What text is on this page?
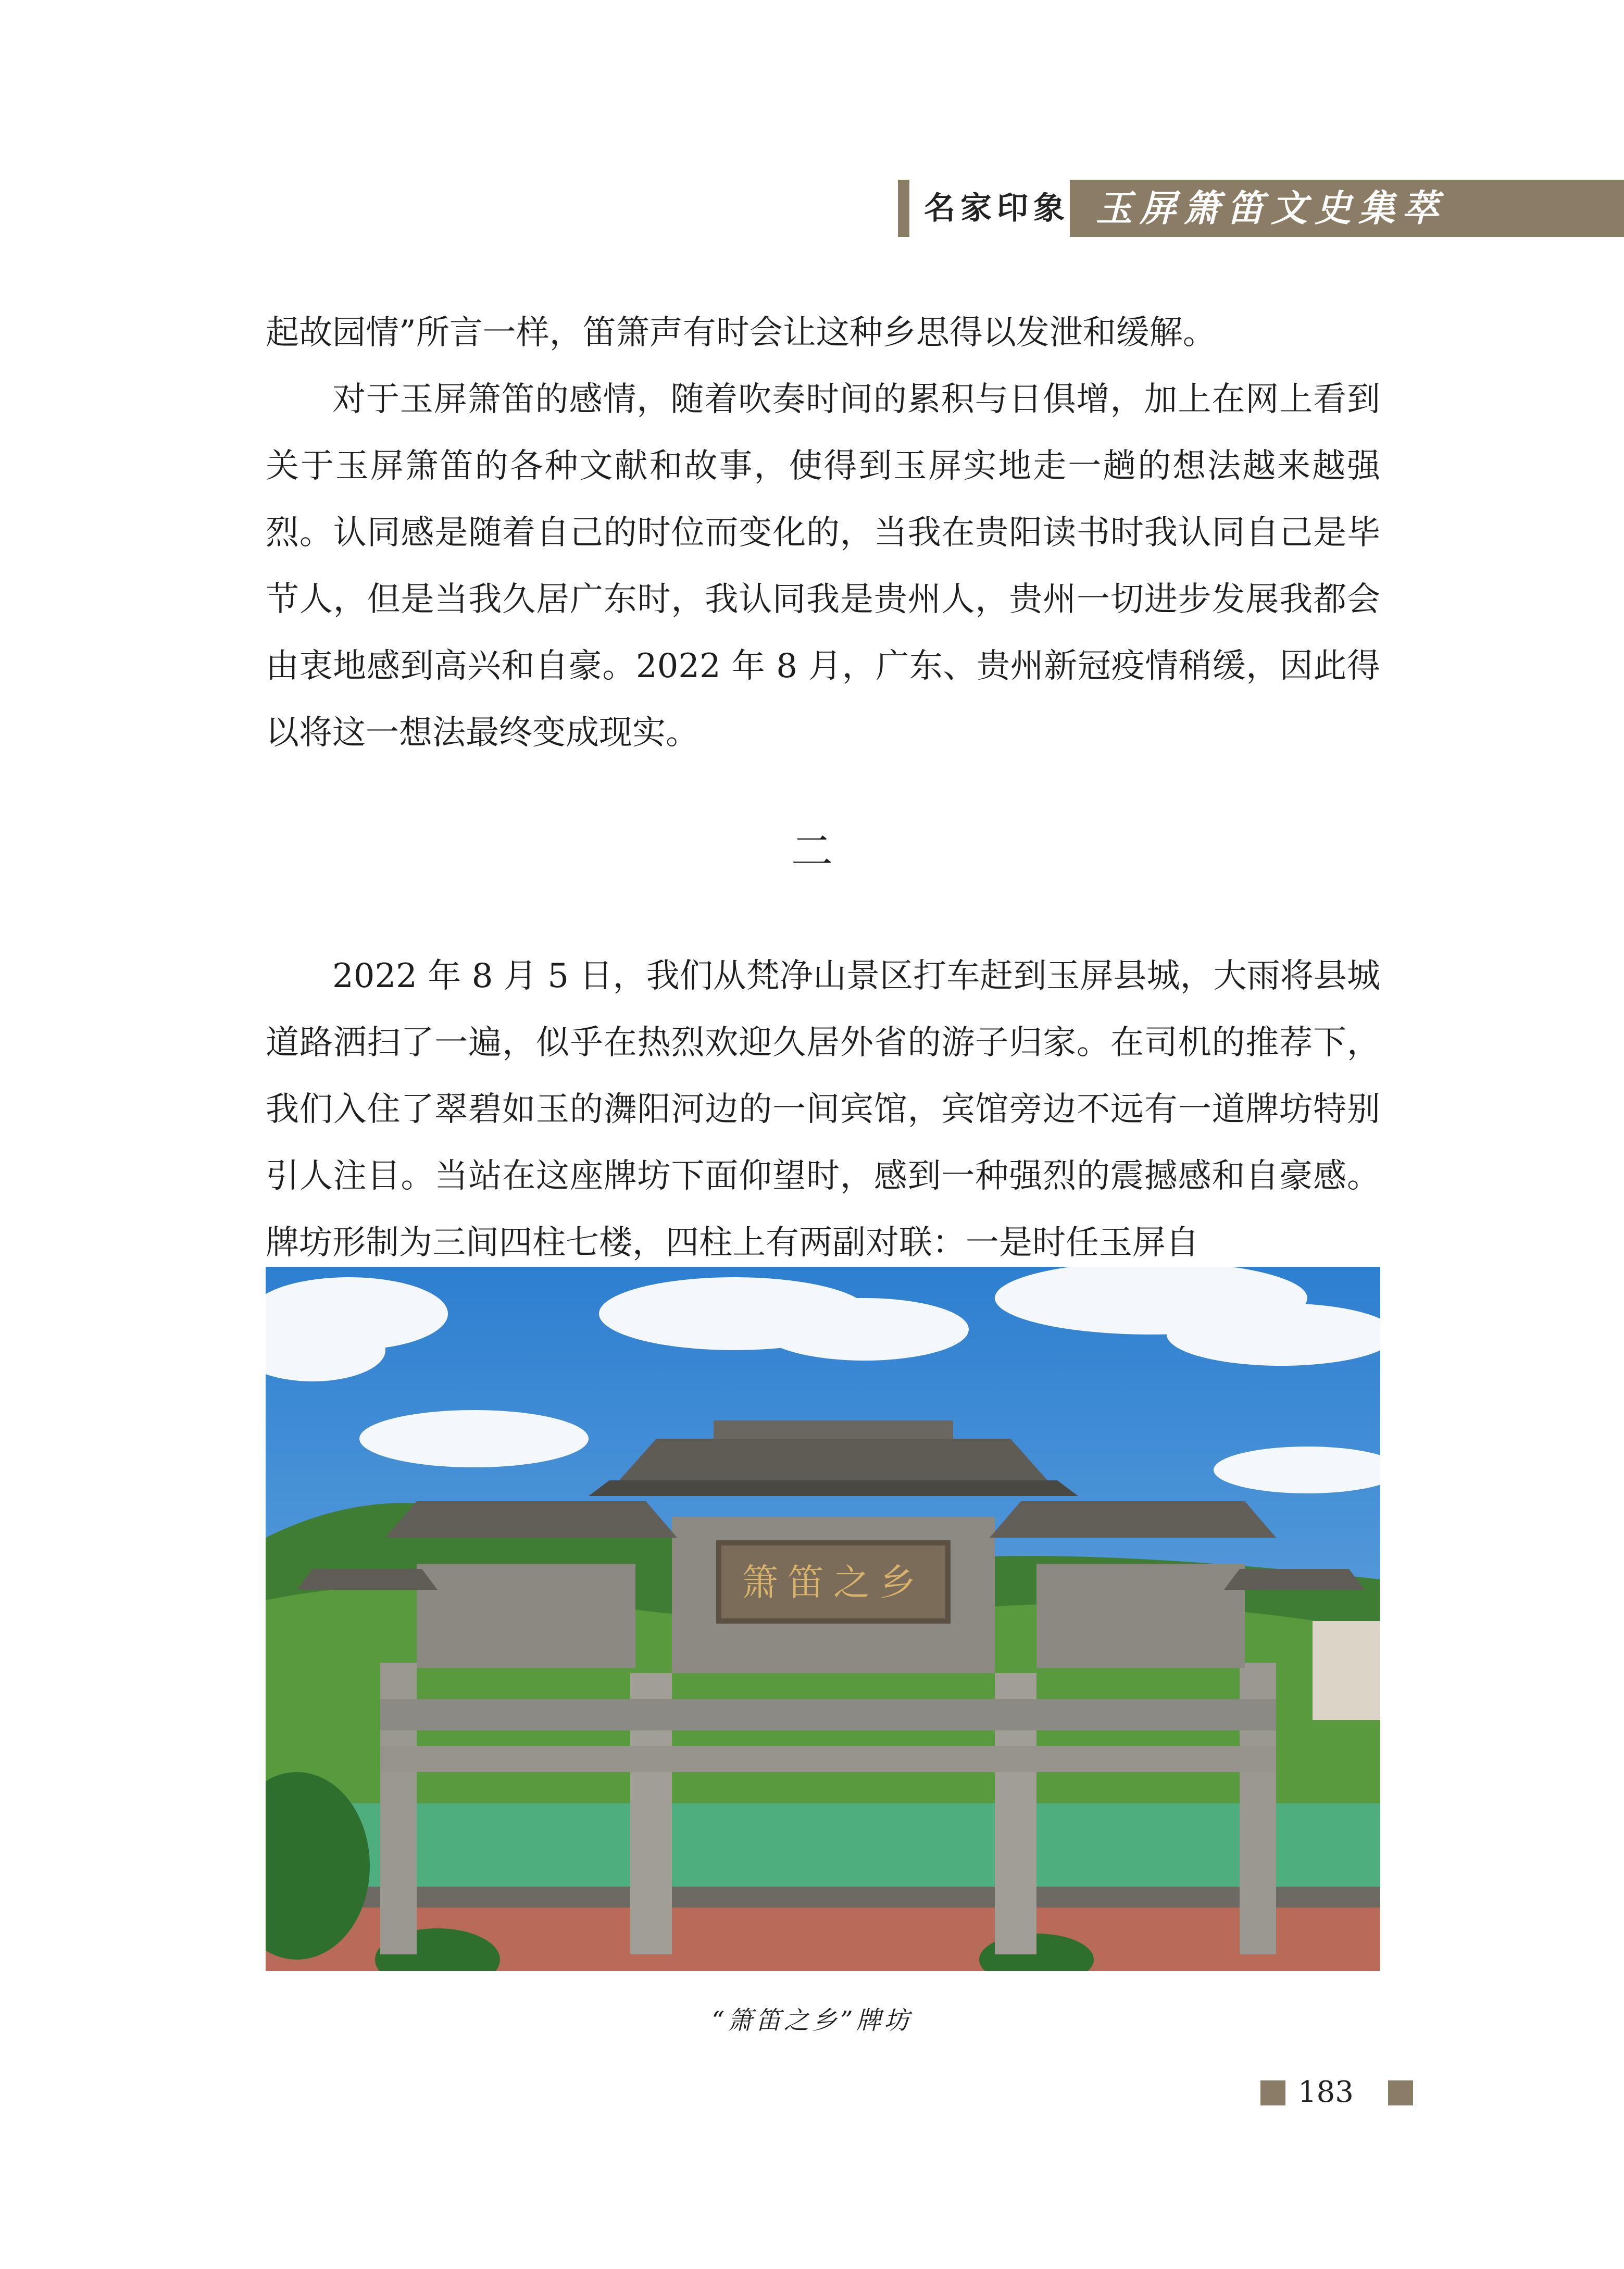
名家印象 玉屏箫笛文史集萃

起故园情”所言一样，笛箫声有时会让这种乡思得以发泄和缓解。

对于玉屏箫笛的感情，随着吹奏时间的累积与日俱增，加上在网上看到关于玉屏箫笛的各种文献和故事，使得到玉屏实地走一趟的想法越来越强烈。认同感是随着自己的时位而变化的，当我在贵阳读书时我认同自己是毕节人，但是当我久居广东时，我认同我是贵州人，贵州一切进步发展我都会由衷地感到高兴和自豪。2022 年 8 月，广东、贵州新冠疫情稍缓，因此得以将这一想法最终变成现实。

二

2022 年 8 月 5 日，我们从梵净山景区打车赶到玉屏县城，大雨将县城道路洒扫了一遍，似乎在热烈欢迎久居外省的游子归家。在司机的推荐下，我们入住了翠碧如玉的㵲阳河边的一间宾馆，宾馆旁边不远有一道牌坊特别引人注目。当站在这座牌坊下面仰望时，感到一种强烈的震撼感和自豪感。牌坊形制为三间四柱七楼，四柱上有两副对联：一是时任玉屏自

箫笛之乡
“箫笛之乡”牌坊
183
